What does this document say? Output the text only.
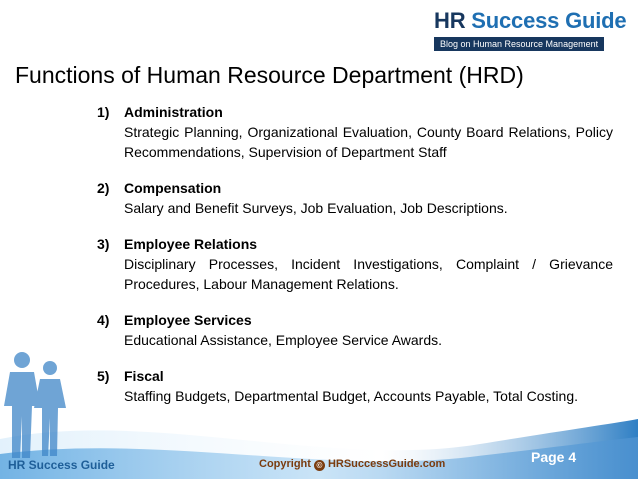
HR Success Guide
Blog on Human Resource Management
Functions of Human Resource Department (HRD)
1) Administration
Strategic Planning, Organizational Evaluation, County Board Relations, Policy Recommendations, Supervision of Department Staff
2) Compensation
Salary and Benefit Surveys, Job Evaluation, Job Descriptions.
3) Employee Relations
Disciplinary Processes, Incident Investigations, Complaint / Grievance Procedures, Labour Management Relations.
4) Employee Services
Educational Assistance, Employee Service Awards.
5) Fiscal
Staffing Budgets, Departmental Budget, Accounts Payable, Total Costing.
HR Success Guide	Copyright © HRSuccessGuide.com	Page 4
